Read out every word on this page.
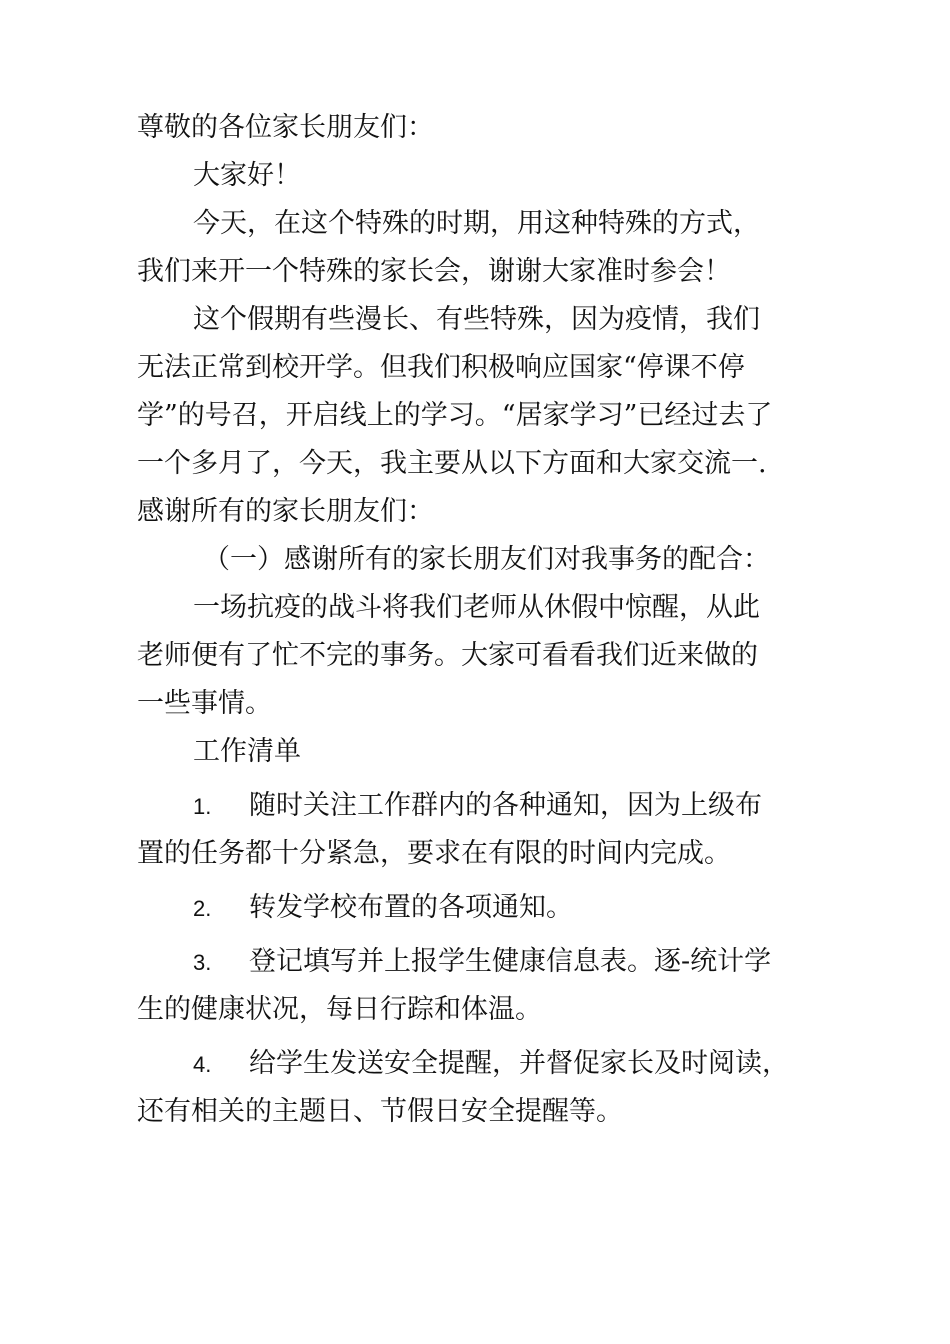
尊敬的各位家长朋友们：
大家好！
今天，在这个特殊的时期，用这种特殊的方式，
我们来开一个特殊的家长会，谢谢大家准时参会！
这个假期有些漫长、有些特殊，因为疫情，我们
无法正常到校开学。但我们积极响应国家“停课不停
学”的号召，开启线上的学习。“居家学习”已经过去了
一个多月了，今天，我主要从以下方面和大家交流一.
感谢所有的家长朋友们：
（一）感谢所有的家长朋友们对我事务的配合：
一场抗疫的战斗将我们老师从休假中惊醒，从此
老师便有了忙不完的事务。大家可看看我们近来做的
一些事情。
工作清单
1. 随时关注工作群内的各种通知，因为上级布
置的任务都十分紧急，要求在有限的时间内完成。
2. 转发学校布置的各项通知。
3. 登记填写并上报学生健康信息表。逐-统计学
生的健康状况，每日行踪和体温。
4. 给学生发送安全提醒，并督促家长及时阅读，
还有相关的主题日、节假日安全提醒等。
